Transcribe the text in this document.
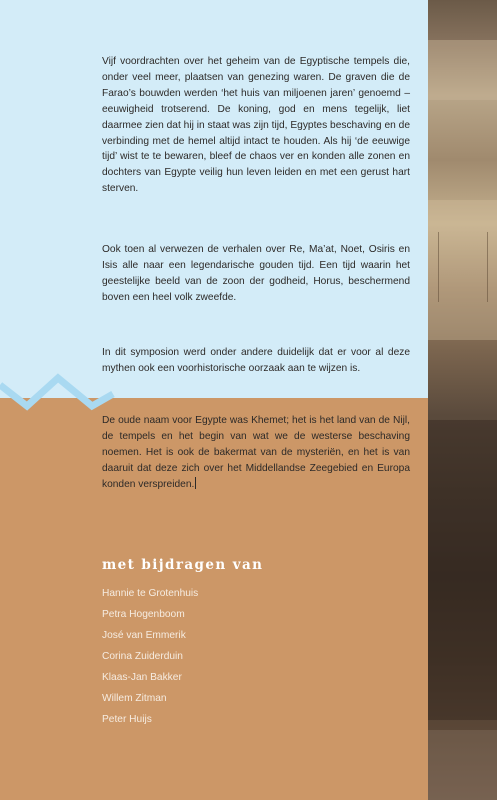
Vijf voordrachten over het geheim van de Egyptische tempels die, onder veel meer, plaatsen van genezing waren. De graven die de Farao’s bouwden werden ‘het huis van miljoenen jaren’ genoemd – eeuwigheid trotserend. De koning, god en mens tegelijk, liet daarmee zien dat hij in staat was zijn tijd, Egyptes beschaving en de verbinding met de hemel altijd intact te houden. Als hij ‘de eeuwige tijd’ wist te te bewaren, bleef de chaos ver en konden alle zonen en dochters van Egypte veilig hun leven leiden en met een gerust hart sterven.

Ook toen al verwezen de verhalen over Re, Ma’at, Noet, Osiris en Isis alle naar een legendarische gouden tijd. Een tijd waarin het geestelijke beeld van de zoon der godheid, Horus, beschermend boven een heel volk zweefde.

In dit symposion werd onder andere duidelijk dat er voor al deze mythen ook een voorhistorische oorzaak aan te wijzen is.

De oude naam voor Egypte was Khemet; het is het land van de Nijl, de tempels en het begin van wat we de westerse beschaving noemen. Het is ook de bakermat van de mysteriën, en het is van daaruit dat deze zich over het Middellandse Zeegebied en Europa konden verspreiden.

met bijdragen van
Hannie te Grotenhuis
Petra Hogenboom
José van Emmerik
Corina Zuiderduin
Klaas-Jan Bakker
Willem Zitman
Peter Huijs
